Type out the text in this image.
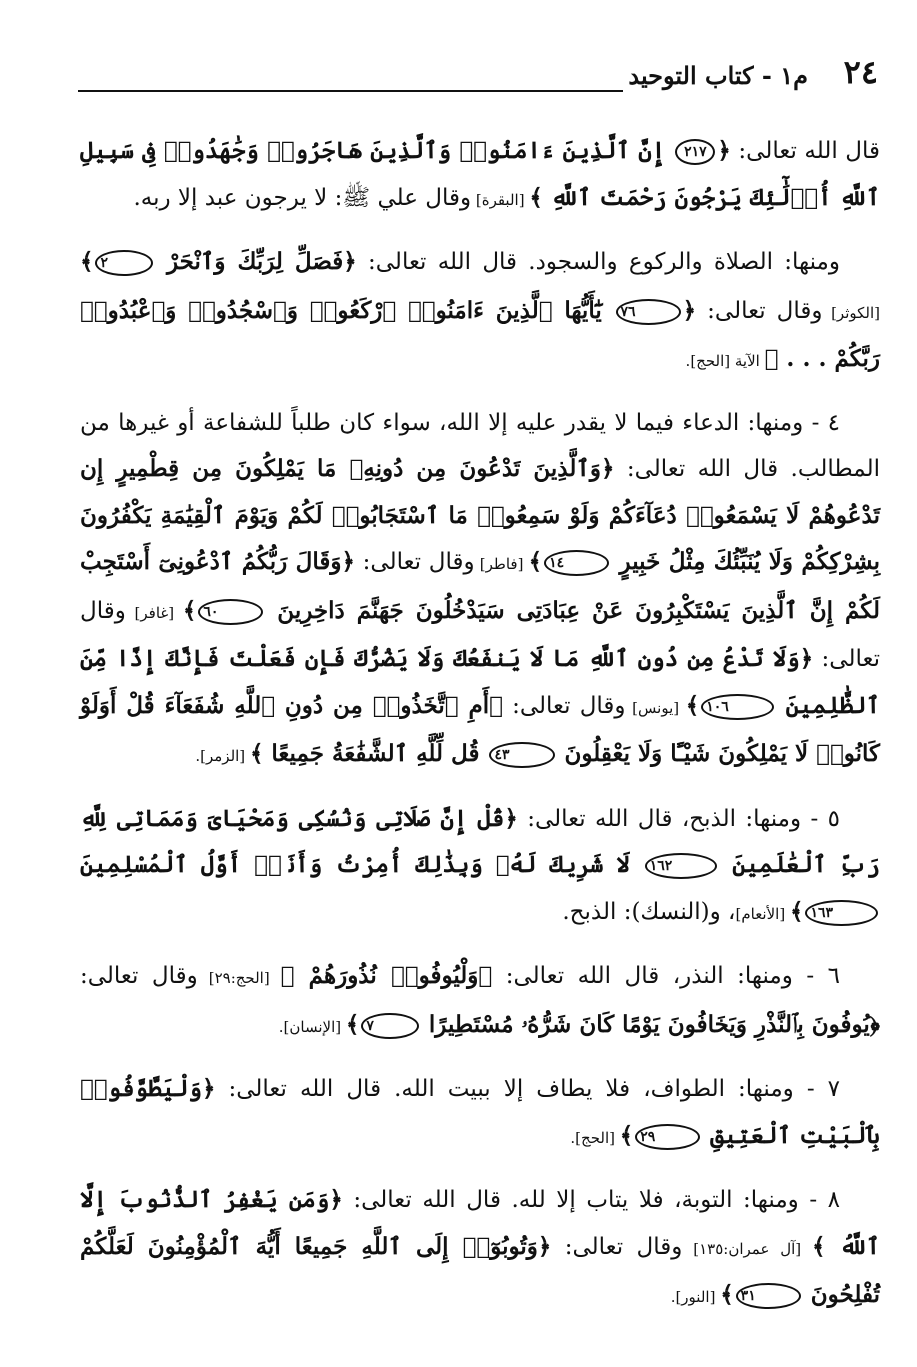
٢٤
م١ - كتاب التوحيد

قال الله تعالى: ﴿٢١٧ إِنَّ ٱلَّذِينَ ءَامَنُوا۟ وَٱلَّذِينَ هَاجَرُوا۟ وَجَٰهَدُوا۟ فِى سَبِيلِ ٱللَّهِ أُو۟لَٰٓئِكَ يَرْجُونَ رَحْمَتَ ٱللَّهِ ﴾ [البقرة] وقال علي ﷺ: لا يرجون عبد إلا ربه.

ومنها: الصلاة والركوع والسجود. قال الله تعالى: ﴿فَصَلِّ لِرَبِّكَ وَٱنْحَرْ ٢﴾ [الكوثر] وقال تعالى: ﴿٧٦ يَٰٓأَيُّهَا ٱلَّذِينَ ءَامَنُوا۟ ٱرْكَعُوا۟ وَٱسْجُدُوا۟ وَٱعْبُدُوا۟ رَبَّكُمْ . . . ﴾ الآية [الحج].

٤ - ومنها: الدعاء فيما لا يقدر عليه إلا الله، سواء كان طلباً للشفاعة أو غيرها من المطالب. قال الله تعالى: ﴿وَٱلَّذِينَ تَدْعُونَ مِن دُونِهِۦ مَا يَمْلِكُونَ مِن قِطْمِيرٍ إِن تَدْعُوهُمْ لَا يَسْمَعُوا۟ دُعَآءَكُمْ وَلَوْ سَمِعُوا۟ مَا ٱسْتَجَابُوا۟ لَكُمْ وَيَوْمَ ٱلْقِيَٰمَةِ يَكْفُرُونَ بِشِرْكِكُمْ وَلَا يُنَبِّئُكَ مِثْلُ خَبِيرٍ ١٤﴾ [فاطر] وقال تعالى: ﴿وَقَالَ رَبُّكُمُ ٱدْعُونِىٓ أَسْتَجِبْ لَكُمْ إِنَّ ٱلَّذِينَ يَسْتَكْبِرُونَ عَنْ عِبَادَتِى سَيَدْخُلُونَ جَهَنَّمَ دَاخِرِينَ ٦٠﴾ [غافر] وقال تعالى: ﴿وَلَا تَدْعُ مِن دُونِ ٱللَّهِ مَا لَا يَنفَعُكَ وَلَا يَضُرُّكَ فَإِن فَعَلْتَ فَإِنَّكَ إِذًا مِّنَ ٱلظَّٰلِمِينَ ١٠٦﴾ [يونس] وقال تعالى: ﴿أَمِ ٱتَّخَذُوا۟ مِن دُونِ ٱللَّهِ شُفَعَآءَ قُلْ أَوَلَوْ كَانُوا۟ لَا يَمْلِكُونَ شَيْـًٔا وَلَا يَعْقِلُونَ ٤٣ قُل لِّلَّهِ ٱلشَّفَٰعَةُ جَمِيعًا ﴾ [الزمر].

٥ - ومنها: الذبح، قال الله تعالى: ﴿قُلْ إِنَّ صَلَاتِى وَنُسُكِى وَمَحْيَاىَ وَمَمَاتِى لِلَّهِ رَبِّ ٱلْعَٰلَمِينَ ١٦٢ لَا شَرِيكَ لَهُۥ وَبِذَٰلِكَ أُمِرْتُ وَأَنَا۠ أَوَّلُ ٱلْمُسْلِمِينَ ١٦٣﴾ [الأنعام]، و(النسك): الذبح.

٦ - ومنها: النذر، قال الله تعالى: ﴿وَلْيُوفُوا۟ نُذُورَهُمْ ﴾ [الحج:٢٩] وقال تعالى: ﴿يُوفُونَ بِٱلنَّذْرِ وَيَخَافُونَ يَوْمًا كَانَ شَرُّهُۥ مُسْتَطِيرًا ٧﴾ [الإنسان].

٧ - ومنها: الطواف، فلا يطاف إلا ببيت الله. قال الله تعالى: ﴿وَلْيَطَّوَّفُوا۟ بِٱلْبَيْتِ ٱلْعَتِيقِ ٢٩﴾ [الحج].

٨ - ومنها: التوبة، فلا يتاب إلا لله. قال الله تعالى: ﴿وَمَن يَغْفِرُ ٱلذُّنُوبَ إِلَّا ٱللَّهُ ﴾ [آل عمران:١٣٥] وقال تعالى: ﴿وَتُوبُوٓا۟ إِلَى ٱللَّهِ جَمِيعًا أَيُّهَ ٱلْمُؤْمِنُونَ لَعَلَّكُمْ تُفْلِحُونَ ٣١﴾ [النور].
